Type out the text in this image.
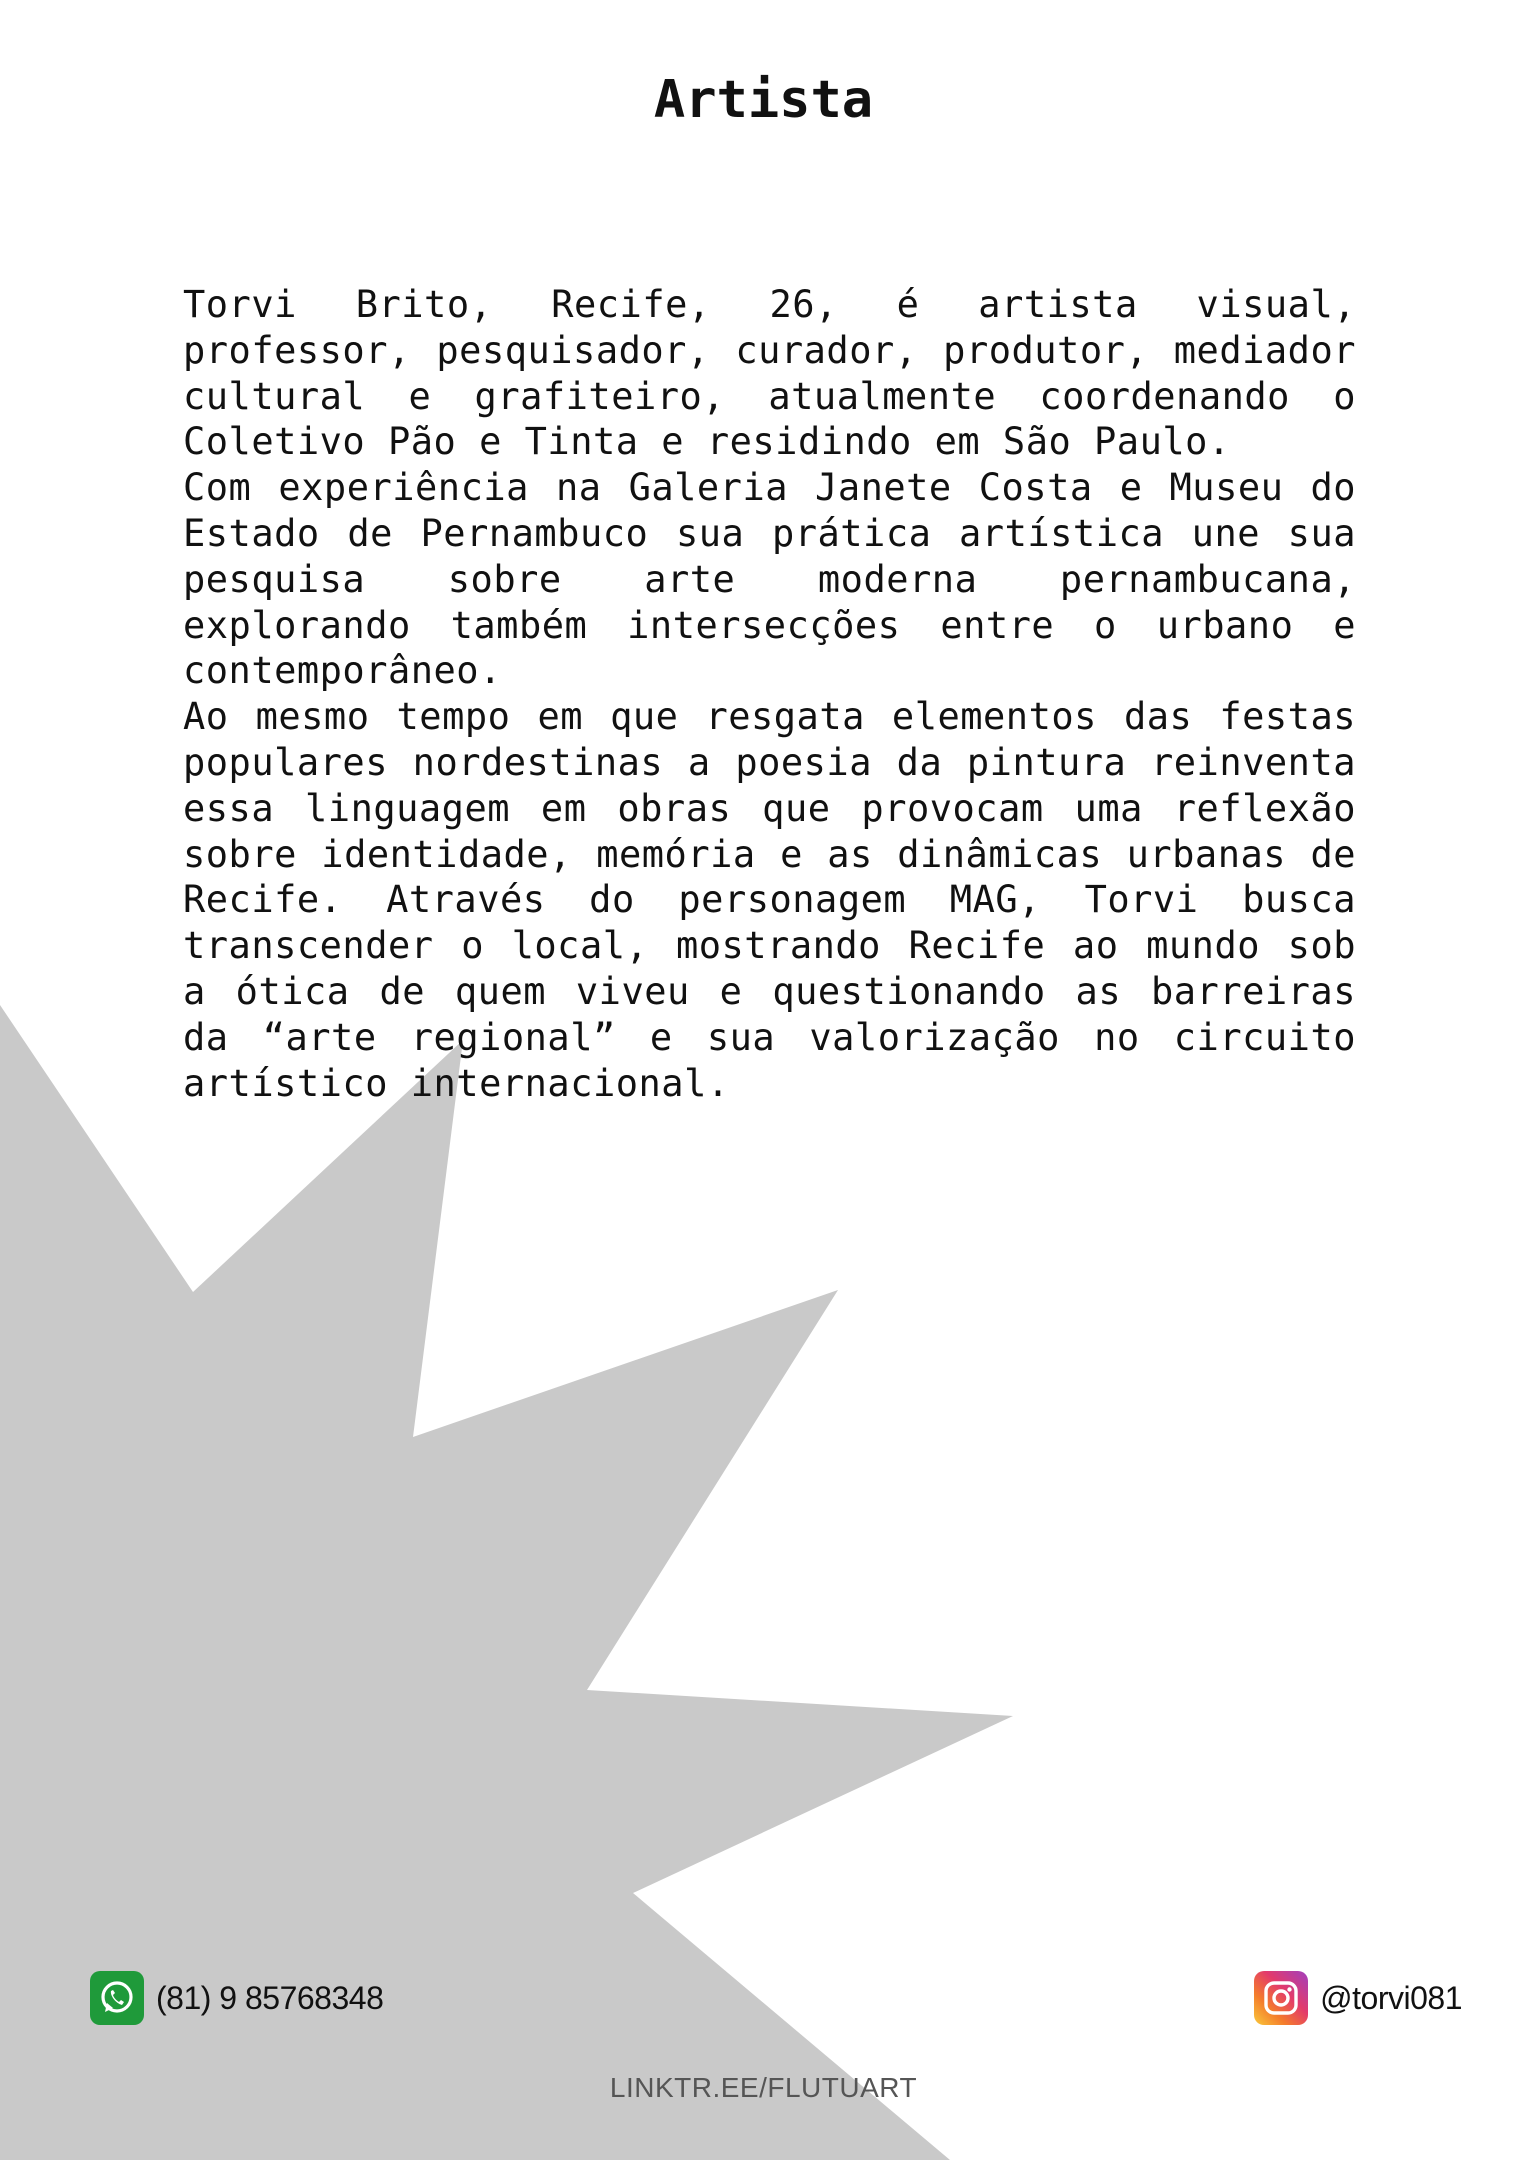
Artista

Torvi Brito, Recife, 26, é artista visual, professor, pesquisador, curador, produtor, mediador cultural e grafiteiro, atualmente coordenando o Coletivo Pão e Tinta e residindo em São Paulo.

Com experiência na Galeria Janete Costa e Museu do Estado de Pernambuco sua prática artística une sua pesquisa sobre arte moderna pernambucana, explorando também intersecções entre o urbano e contemporâneo.

Ao mesmo tempo em que resgata elementos das festas populares nordestinas a poesia da pintura reinventa essa linguagem em obras que provocam uma reflexão sobre identidade, memória e as dinâmicas urbanas de Recife. Através do personagem MAG, Torvi busca transcender o local, mostrando Recife ao mundo sob a ótica de quem viveu e questionando as barreiras da “arte regional” e sua valorização no circuito artístico internacional.

(81) 9 85768348	@torvi081
LINKTR.EE/FLUTUART
